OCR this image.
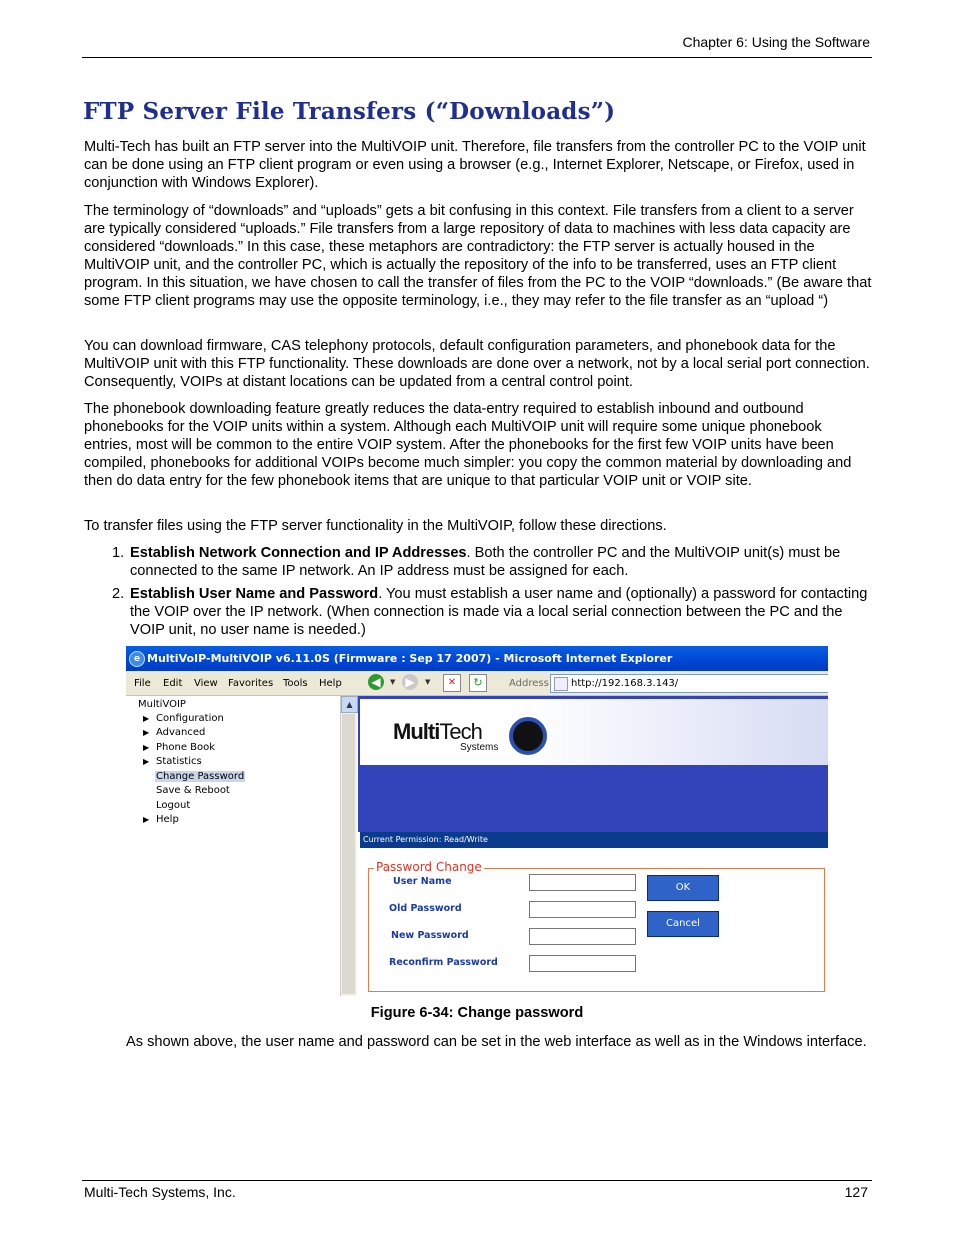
Chapter 6: Using the Software
FTP Server File Transfers (“Downloads”)
Multi-Tech has built an FTP server into the MultiVOIP unit. Therefore, file transfers from the controller PC to the VOIP unit can be done using an FTP client program or even using a browser (e.g., Internet Explorer, Netscape, or Firefox, used in conjunction with Windows Explorer).
The terminology of “downloads” and “uploads” gets a bit confusing in this context. File transfers from a client to a server are typically considered “uploads.” File transfers from a large repository of data to machines with less data capacity are considered “downloads.” In this case, these metaphors are contradictory: the FTP server is actually housed in the MultiVOIP unit, and the controller PC, which is actually the repository of the info to be transferred, uses an FTP client program. In this situation, we have chosen to call the transfer of files from the PC to the VOIP “downloads.” (Be aware that some FTP client programs may use the opposite terminology, i.e., they may refer to the file transfer as an “upload “)
You can download firmware, CAS telephony protocols, default configuration parameters, and phonebook data for the MultiVOIP unit with this FTP functionality. These downloads are done over a network, not by a local serial port connection. Consequently, VOIPs at distant locations can be updated from a central control point.
The phonebook downloading feature greatly reduces the data-entry required to establish inbound and outbound phonebooks for the VOIP units within a system. Although each MultiVOIP unit will require some unique phonebook entries, most will be common to the entire VOIP system. After the phonebooks for the first few VOIP units have been compiled, phonebooks for additional VOIPs become much simpler: you copy the common material by downloading and then do data entry for the few phonebook items that are unique to that particular VOIP unit or VOIP site.
To transfer files using the FTP server functionality in the MultiVOIP, follow these directions.
1. Establish Network Connection and IP Addresses. Both the controller PC and the MultiVOIP unit(s) must be connected to the same IP network. An IP address must be assigned for each.
2. Establish User Name and Password. You must establish a user name and (optionally) a password for contacting the VOIP over the IP network. (When connection is made via a local serial connection between the PC and the VOIP unit, no user name is needed.)
e MultiVoIP-MultiVOIP v6.11.0S (Firmware : Sep 17 2007) - Microsoft Internet Explorer
File Edit View Favorites Tools Help ◀	▼ ▶	▼	✕	↻	Address	http://192.168.3.143/
MultiVOIP
▶ Configuration
▶ Advanced
▶ Phone Book
▶ Statistics
Change Password
Save & Reboot
Logout
▶ Help
▲
MultiTech
Systems
Current Permission: Read/Write
Password Change
User Name
Old Password
New Password
Reconfirm Password
OK
Cancel
Figure 6-34: Change password
As shown above, the user name and password can be set in the web interface as well as in the Windows interface.
Multi-Tech Systems, Inc.	127
